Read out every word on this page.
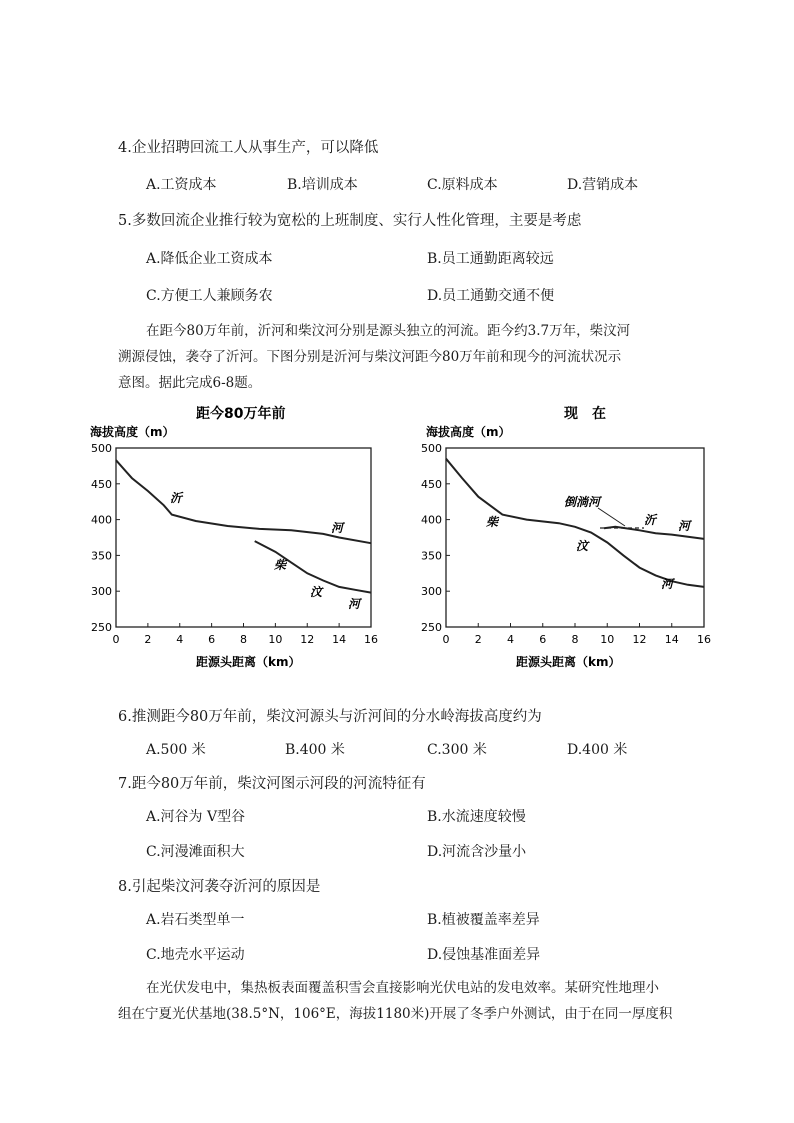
4.企业招聘回流工人从事生产，可以降低
A.工资成本	B.培训成本	C.原料成本	D.营销成本
5.多数回流企业推行较为宽松的上班制度、实行人性化管理，主要是考虑
A.降低企业工资成本	B.员工通勤距离较远
C.方便工人兼顾务农	D.员工通勤交通不便
在距今80万年前，沂河和柴汶河分别是源头独立的河流。距今约3.7万年，柴汶河
溯源侵蚀，袭夺了沂河。下图分别是沂河与柴汶河距今80万年前和现今的河流状况示
意图。据此完成6-8题。
距今80万年前
海拔高度（m）
500
450
400
350
300
250
0 2 4 6 8 10 12 14 16
距源头距离（km）
沂
河
柴
汶
河
现　在
海拔高度（m）
500
450
400
350
300
250
0 2 4 6 8 10 12 14 16
距源头距离（km）
倒淌河
柴
汶
河
沂 河
6.推测距今80万年前，柴汶河源头与沂河间的分水岭海拔高度约为
A.500 米	B.400 米	C.300 米	D.400 米
7.距今80万年前，柴汶河图示河段的河流特征有
A.河谷为 V型谷	B.水流速度较慢
C.河漫滩面积大	D.河流含沙量小
8.引起柴汶河袭夺沂河的原因是
A.岩石类型单一	B.植被覆盖率差异
C.地壳水平运动	D.侵蚀基准面差异
在光伏发电中，集热板表面覆盖积雪会直接影响光伏电站的发电效率。某研究性地理小
组在宁夏光伏基地(38.5°N，106°E，海拔1180米)开展了冬季户外测试，由于在同一厚度积
